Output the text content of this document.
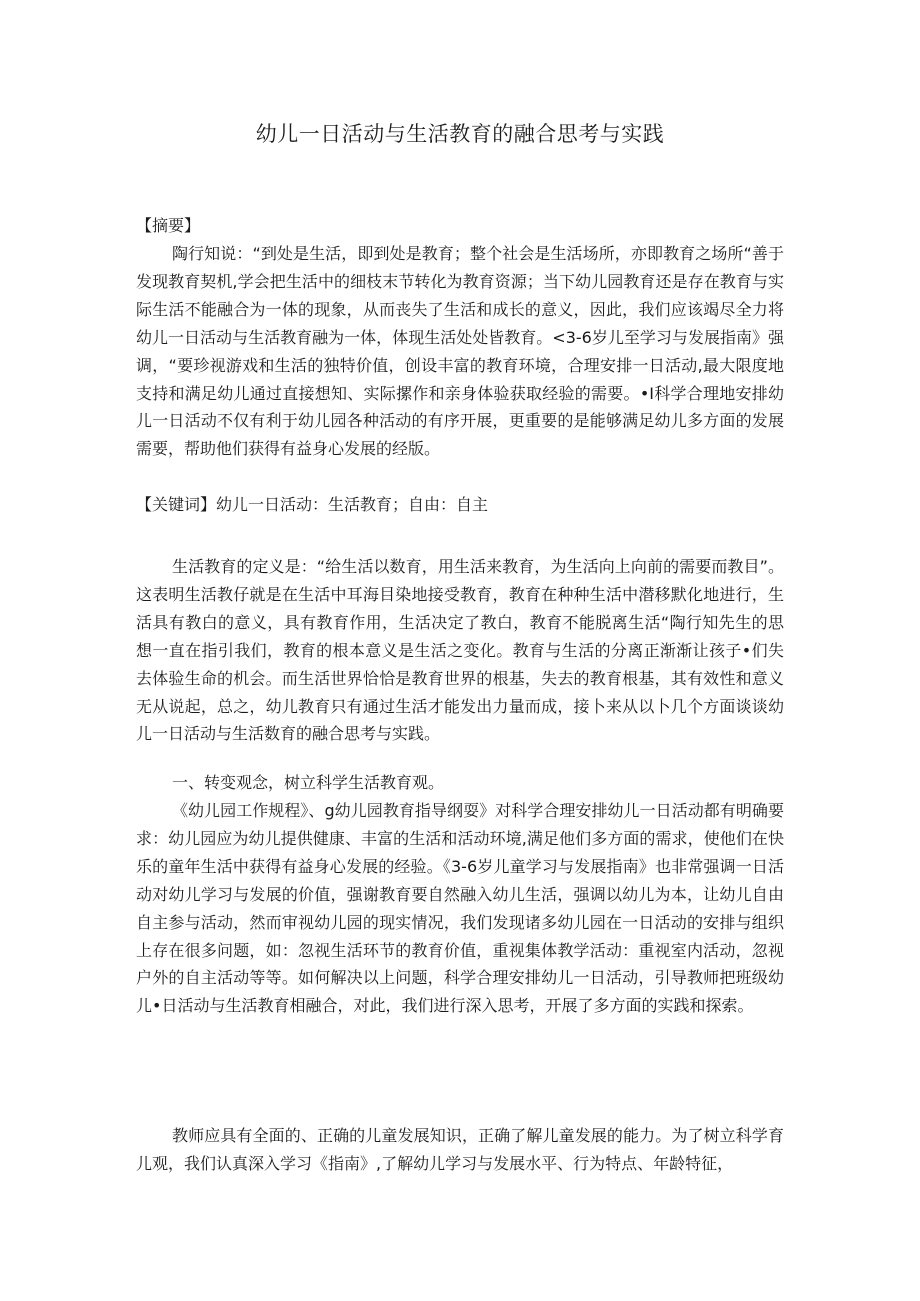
幼儿一日活动与生活教育的融合思考与实践

【摘要】

陶行知说：“到处是生活，即到处是教育；整个社会是生活场所，亦即教育之场所“善于发现教育契机,学会把生活中的细枝末节转化为教育资源；当下幼儿园教育还是存在教育与实际生活不能融合为一体的现象，从而丧失了生活和成长的意义，因此，我们应该竭尽全力将幼儿一日活动与生活教育融为一体，体现生活处处皆教育。<3-6岁儿至学习与发展指南》强调，“要珍视游戏和生活的独特价值，创设丰富的教育环境，合理安排一日活动,最大限度地支持和满足幼儿通过直接想知、实际摞作和亲身体验获取经验的需要。•I科学合理地安排幼儿一日活动不仅有利于幼儿园各种活动的有序开展，更重要的是能够满足幼儿多方面的发展需要，帮助他们获得有益身心发展的经版。

【关键词】幼儿一日活动：生活教育；自由：自主

生活教育的定义是：“给生活以数育，用生活来教育，为生活向上向前的需要而教目”。这表明生活教仔就是在生活中耳海目染地接受教育，教育在种种生活中潜移默化地进行，生活具有教白的意义，具有教育作用，生活决定了教白，教育不能脱离生活“陶行知先生的思想一直在指引我们，教育的根本意义是生活之变化。教育与生活的分离正渐渐让孩子•们失去体验生命的机会。而生活世界恰恰是教育世界的根基，失去的教育根基，其有效性和意义无从说起，总之，幼儿教育只有通过生活才能发出力量而成，接卜来从以卜几个方面谈谈幼儿一日活动与生活数育的融合思考与实践。

一、转变观念，树立科学生活教育观。

《幼儿园工作规程》、g幼儿园教育指导纲耍》对科学合理安排幼儿一日活动都有明确要求：幼儿园应为幼儿提供健康、丰富的生活和活动环境,满足他们多方面的需求，使他们在快乐的童年生活中获得有益身心发展的经验。《3-6岁儿童学习与发展指南》也非常强调一日活动对幼儿学习与发展的价值，强谢教育要自然融入幼儿生活，强调以幼儿为本，让幼儿自由自主参与活动，然而审视幼儿园的现实情况，我们发现诸多幼儿园在一日活动的安排与组织上存在很多问题，如：忽视生活环节的教育价值，重视集体教学活动：重视室内活动，忽视户外的自主活动等等。如何解决以上问题，科学合理安排幼儿一日活动，引导教师把班级幼儿•日活动与生活教育相融合，对此，我们进行深入思考，开展了多方面的实践和探索。

教师应具有全面的、正确的儿童发展知识，正确了解儿童发展的能力。为了树立科学育儿观，我们认真深入学习《指南》,了解幼儿学习与发展水平、行为特点、年龄特征，
